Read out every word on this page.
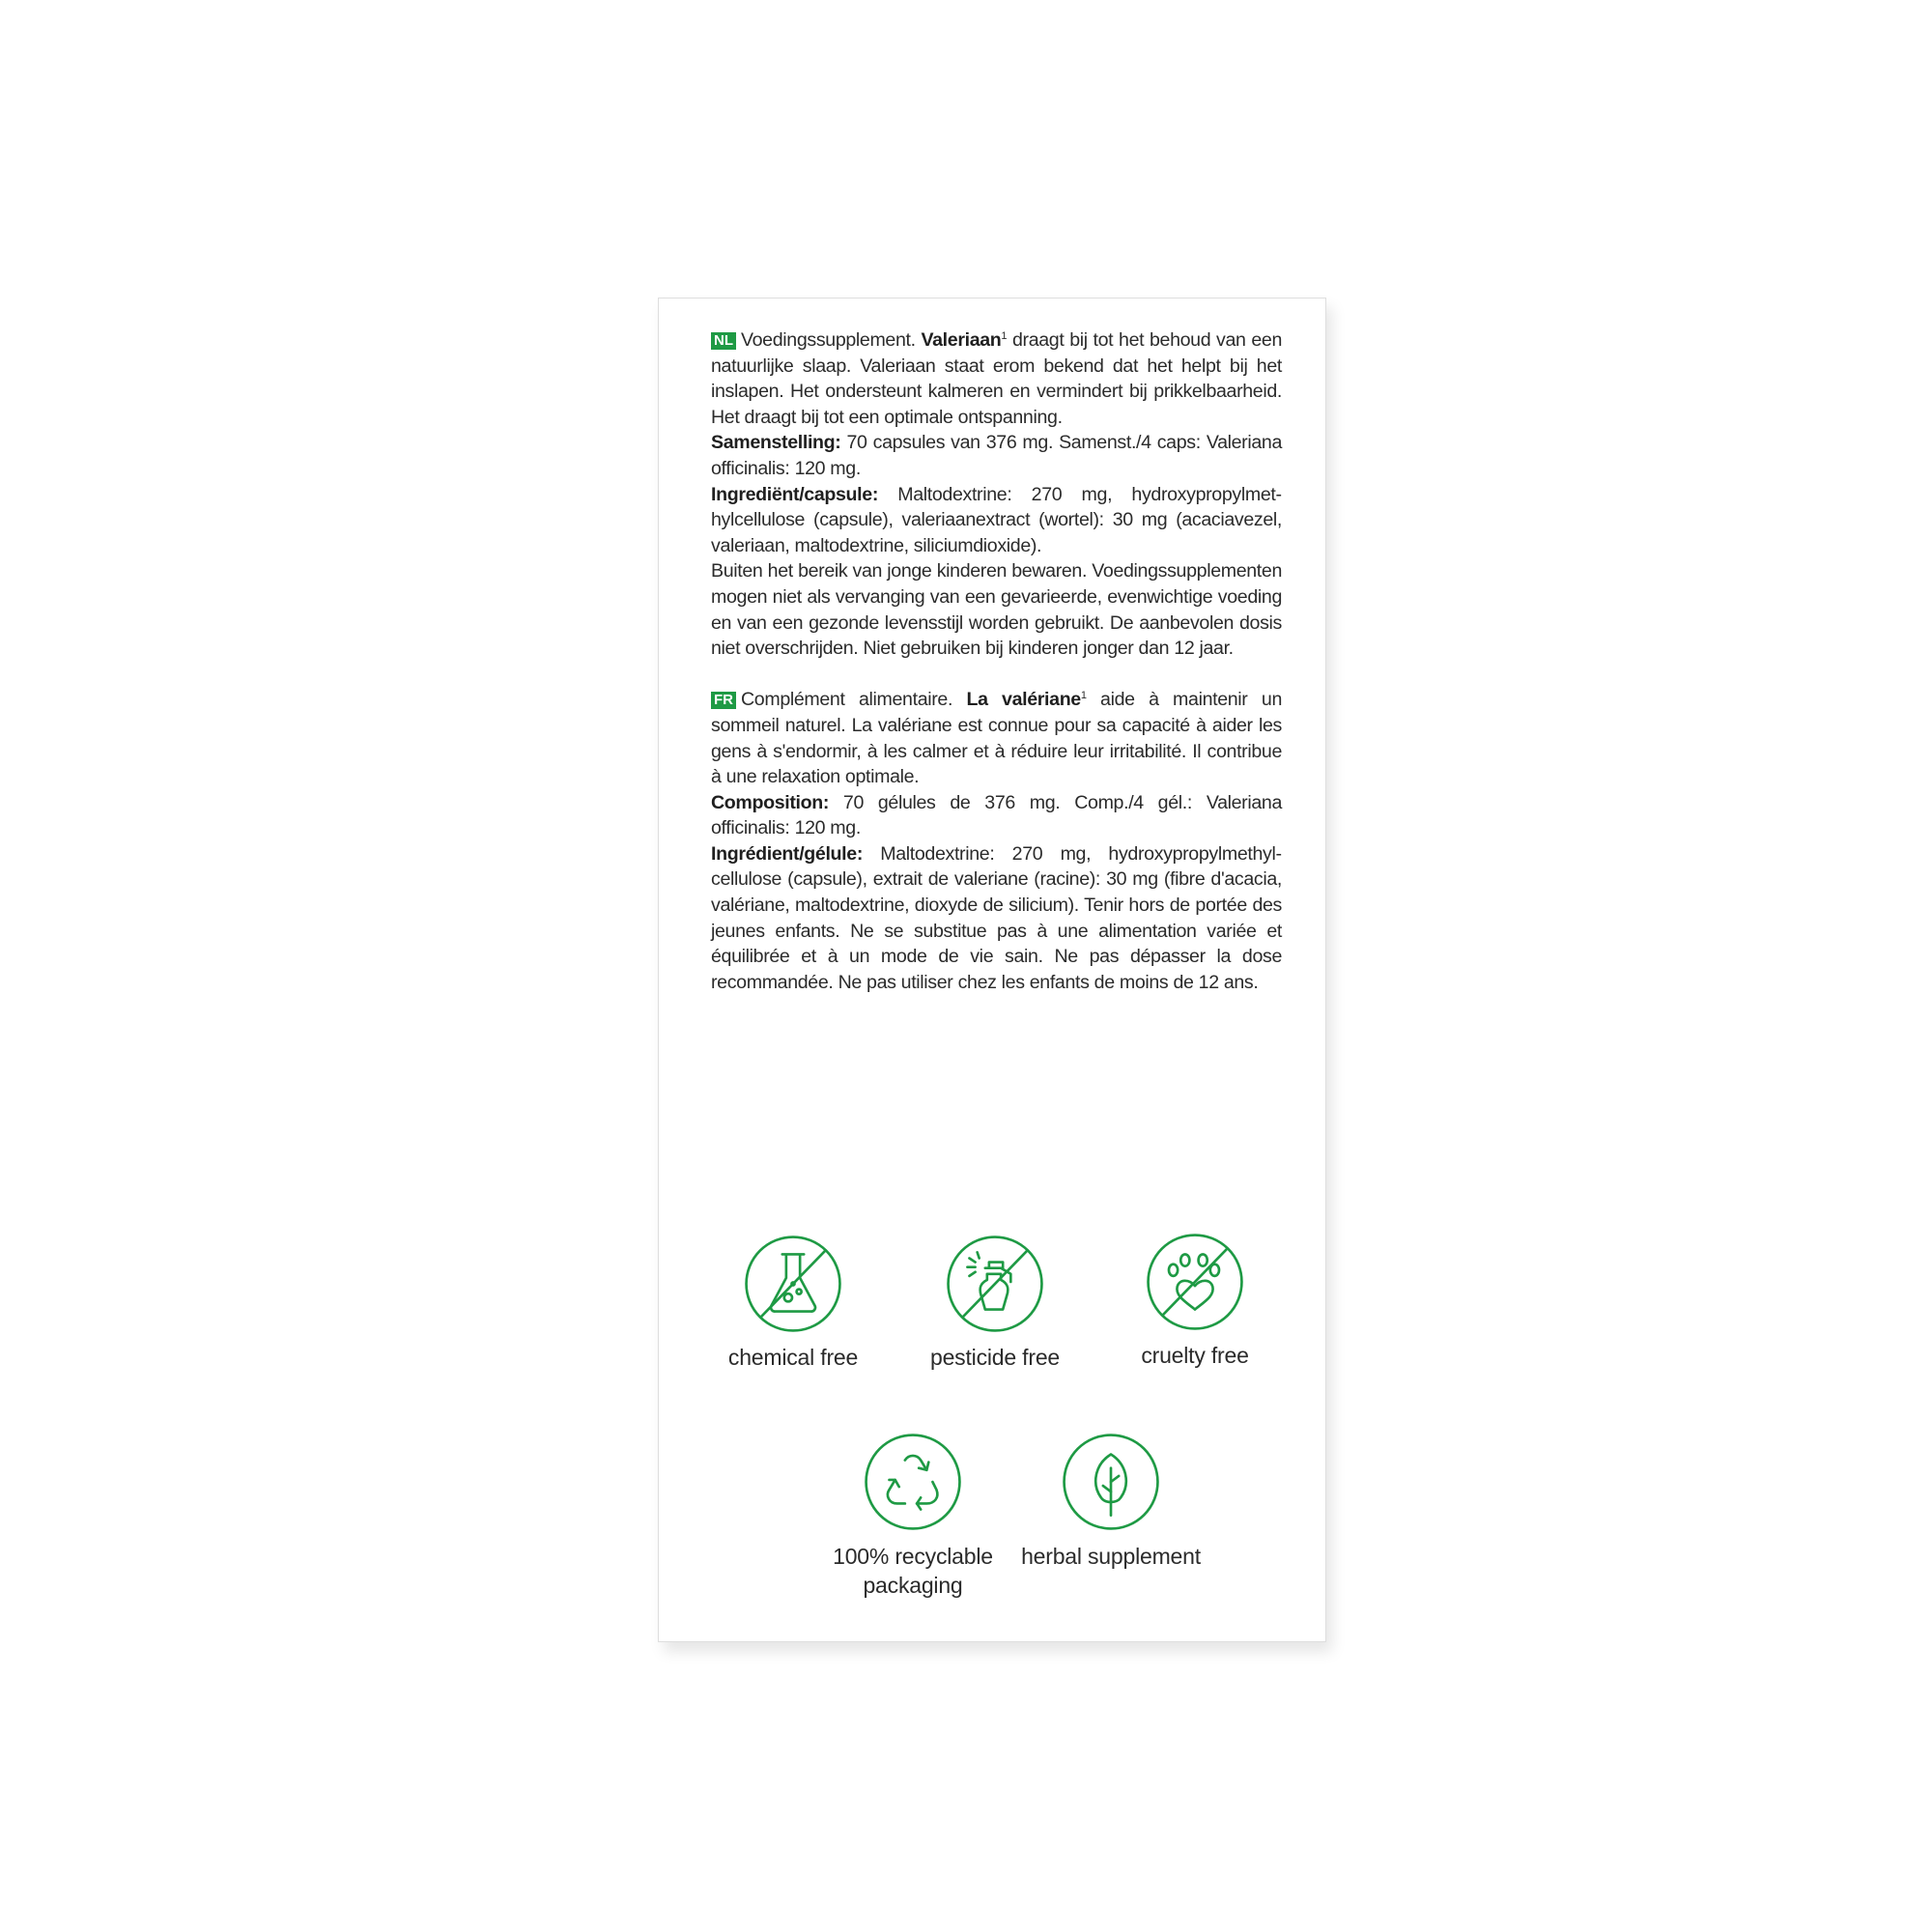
NL Voedingssupplement. Valeriaan$^1$ draagt bij tot het behoud van een natuurlijke slaap. Valeriaan staat erom bekend dat het helpt bij het inslapen. Het ondersteunt kalmeren en vermindert bij prikkelbaarheid. Het draagt bij tot een optimale ontspanning.

Samenstelling: 70 capsules van 376 mg. Samenst./4 caps: Valeriana officinalis: 120 mg.

Ingrediënt/capsule: Maltodextrine: 270 mg, hydroxypropylmethylcellulose (capsule), valeriaanextract (wortel): 30 mg (acaciavezel, valeriaan, maltodextrine, siliciumdioxide).

Buiten het bereik van jonge kinderen bewaren. Voedingssupplementen mogen niet als vervanging van een gevarieerde, evenwichtige voeding en van een gezonde levensstijl worden gebruikt. De aanbevolen dosis niet overschrijden. Niet gebruiken bij kinderen jonger dan 12 jaar.

FR Complément alimentaire. La valériane$^1$ aide à maintenir un sommeil naturel. La valériane est connue pour sa capacité à aider les gens à s'endormir, à les calmer et à réduire leur irritabilité. Il contribue à une relaxation optimale.

Composition: 70 gélules de 376 mg. Comp./4 gél.: Valeriana officinalis: 120 mg.

Ingrédient/gélule: Maltodextrine: 270 mg, hydroxypropylmethylcellulose (capsule), extrait de valeriane (racine): 30 mg (fibre d'acacia, valériane, maltodextrine, dioxyde de silicium). Tenir hors de portée des jeunes enfants. Ne se substitue pas à une alimentation variée et équilibrée et à un mode de vie sain. Ne pas dépasser la dose recommandée. Ne pas utiliser chez les enfants de moins de 12 ans.

chemical free	pesticide free	cruelty free
100% recyclable packaging
herbal supplement
